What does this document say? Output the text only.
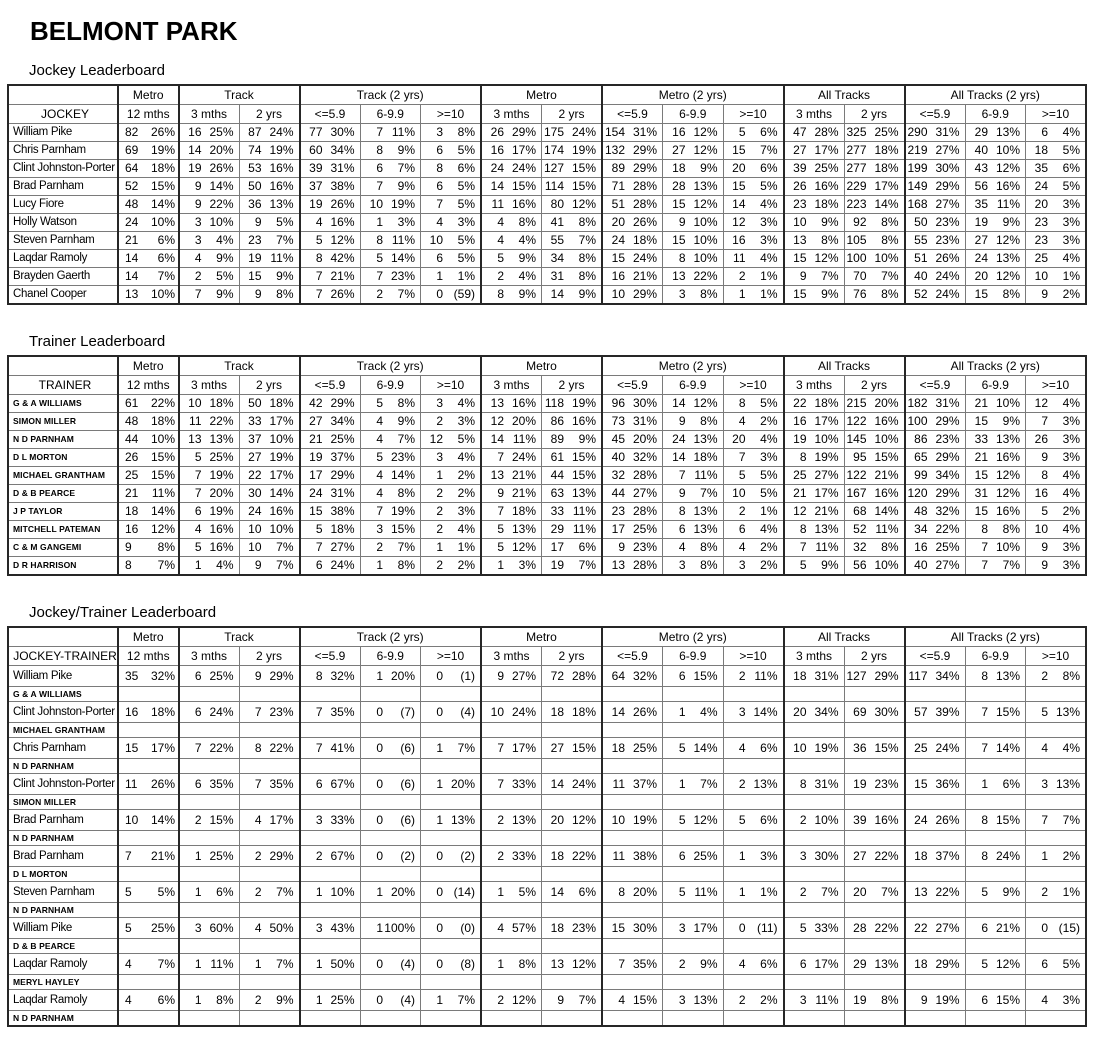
BELMONT PARK
Jockey Leaderboard
	Metro	Track		Track (2 yrs)			Metro		Metro (2 yrs)			All Tracks		All Tracks (2 yrs)		
JOCKEY	12 mths	3 mths	2 yrs	<=5.9	6-9.9	>=10	3 mths	2 yrs	<=5.9	6-9.9	>=10	3 mths	2 yrs	<=5.9	6-9.9	>=10
William Pike	82 26%	16 25%	87 24%	77 30%	7 11%	3 8%	26 29%	175 24%	154 31%	16 12%	5 6%	47 28%	325 25%	290 31%	29 13%	6 4%

Chris Parnham	69 19%	14 20%	74 19%	60 34%	8 9%	6 5%	16 17%	174 19%	132 29%	27 12%	15 7%	27 17%	277 18%	219 27%	40 10%	18 5%

Clint Johnston-Porter	64 18%	19 26%	53 16%	39 31%	6 7%	8 6%	24 24%	127 15%	89 29%	18 9%	20 6%	39 25%	277 18%	199 30%	43 12%	35 6%

Brad Parnham	52 15%	9 14%	50 16%	37 38%	7 9%	6 5%	14 15%	114 15%	71 28%	28 13%	15 5%	26 16%	229 17%	149 29%	56 16%	24 5%

Lucy Fiore	48 14%	9 22%	36 13%	19 26%	10 19%	7 5%	11 16%	80 12%	51 28%	15 12%	14 4%	23 18%	223 14%	168 27%	35 11%	20 3%

Holly Watson	24 10%	3 10%	9 5%	4 16%	1 3%	4 3%	4 8%	41 8%	20 26%	9 10%	12 3%	10 9%	92 8%	50 23%	19 9%	23 3%

Steven Parnham	21 6%	3 4%	23 7%	5 12%	8 11%	10 5%	4 4%	55 7%	24 18%	15 10%	16 3%	13 8%	105 8%	55 23%	27 12%	23 3%

Laqdar Ramoly	14 6%	4 9%	19 11%	8 42%	5 14%	6 5%	5 9%	34 8%	15 24%	8 10%	11 4%	15 12%	100 10%	51 26%	24 13%	25 4%

Brayden Gaerth	14 7%	2 5%	15 9%	7 21%	7 23%	1 1%	2 4%	31 8%	16 21%	13 22%	2 1%	9 7%	70 7%	40 24%	20 12%	10 1%

Chanel Cooper	13 10%	7 9%	9 8%	7 26%	2 7%	0 (59)	8 9%	14 9%	10 29%	3 8%	1 1%	15 9%	76 8%	52 24%	15 8%	9 2%
Trainer Leaderboard
	Metro	Track		Track (2 yrs)			Metro		Metro (2 yrs)			All Tracks		All Tracks (2 yrs)		
TRAINER	12 mths	3 mths	2 yrs	<=5.9	6-9.9	>=10	3 mths	2 yrs	<=5.9	6-9.9	>=10	3 mths	2 yrs	<=5.9	6-9.9	>=10
G & A WILLIAMS	61 22%	10 18%	50 18%	42 29%	5 8%	3 4%	13 16%	118 19%	96 30%	14 12%	8 5%	22 18%	215 20%	182 31%	21 10%	12 4%

SIMON MILLER	48 18%	11 22%	33 17%	27 34%	4 9%	2 3%	12 20%	86 16%	73 31%	9 8%	4 2%	16 17%	122 16%	100 29%	15 9%	7 3%

N D PARNHAM	44 10%	13 13%	37 10%	21 25%	4 7%	12 5%	14 11%	89 9%	45 20%	24 13%	20 4%	19 10%	145 10%	86 23%	33 13%	26 3%

D L MORTON	26 15%	5 25%	27 19%	19 37%	5 23%	3 4%	7 24%	61 15%	40 32%	14 18%	7 3%	8 19%	95 15%	65 29%	21 16%	9 3%

MICHAEL GRANTHAM	25 15%	7 19%	22 17%	17 29%	4 14%	1 2%	13 21%	44 15%	32 28%	7 11%	5 5%	25 27%	122 21%	99 34%	15 12%	8 4%

D & B PEARCE	21 11%	7 20%	30 14%	24 31%	4 8%	2 2%	9 21%	63 13%	44 27%	9 7%	10 5%	21 17%	167 16%	120 29%	31 12%	16 4%

J P TAYLOR	18 14%	6 19%	24 16%	15 38%	7 19%	2 3%	7 18%	33 11%	23 28%	8 13%	2 1%	12 21%	68 14%	48 32%	15 16%	5 2%

MITCHELL PATEMAN	16 12%	4 16%	10 10%	5 18%	3 15%	2 4%	5 13%	29 11%	17 25%	6 13%	6 4%	8 13%	52 11%	34 22%	8 8%	10 4%

C & M GANGEMI	9 8%	5 16%	10 7%	7 27%	2 7%	1 1%	5 12%	17 6%	9 23%	4 8%	4 2%	7 11%	32 8%	16 25%	7 10%	9 3%

D R HARRISON	8 7%	1 4%	9 7%	6 24%	1 8%	2 2%	1 3%	19 7%	13 28%	3 8%	3 2%	5 9%	56 10%	40 27%	7 7%	9 3%
Jockey/Trainer Leaderboard
	Metro	Track		Track (2 yrs)			Metro		Metro (2 yrs)			All Tracks		All Tracks (2 yrs)		
JOCKEY-TRAINER	12 mths	3 mths	2 yrs	<=5.9	6-9.9	>=10	3 mths	2 yrs	<=5.9	6-9.9	>=10	3 mths	2 yrs	<=5.9	6-9.9	>=10
William Pike	35 32%	6 25%	9 29%	8 32%	1 20%	0 (1)	9 27%	72 28%	64 32%	6 15%	2 11%	18 31%	127 29%	117 34%	8 13%	2 8%

G & A WILLIAMS																
Clint Johnston-Porter	16 18%	6 24%	7 23%	7 35%	0 (7)	0 (4)	10 24%	18 18%	14 26%	1 4%	3 14%	20 34%	69 30%	57 39%	7 15%	5 13%

MICHAEL GRANTHAM																
Chris Parnham	15 17%	7 22%	8 22%	7 41%	0 (6)	1 7%	7 17%	27 15%	18 25%	5 14%	4 6%	10 19%	36 15%	25 24%	7 14%	4 4%

N D PARNHAM																
Clint Johnston-Porter	11 26%	6 35%	7 35%	6 67%	0 (6)	1 20%	7 33%	14 24%	11 37%	1 7%	2 13%	8 31%	19 23%	15 36%	1 6%	3 13%

SIMON MILLER																
Brad Parnham	10 14%	2 15%	4 17%	3 33%	0 (6)	1 13%	2 13%	20 12%	10 19%	5 12%	5 6%	2 10%	39 16%	24 26%	8 15%	7 7%

N D PARNHAM																
Brad Parnham	7 21%	1 25%	2 29%	2 67%	0 (2)	0 (2)	2 33%	18 22%	11 38%	6 25%	1 3%	3 30%	27 22%	18 37%	8 24%	1 2%

D L MORTON																
Steven Parnham	5 5%	1 6%	2 7%	1 10%	1 20%	0 (14)	1 5%	14 6%	8 20%	5 11%	1 1%	2 7%	20 7%	13 22%	5 9%	2 1%

N D PARNHAM																
William Pike	5 25%	3 60%	4 50%	3 43%	1 100%	0 (0)	4 57%	18 23%	15 30%	3 17%	0 (11)	5 33%	28 22%	22 27%	6 21%	0 (15)

D & B PEARCE																
Laqdar Ramoly	4 7%	1 11%	1 7%	1 50%	0 (4)	0 (8)	1 8%	13 12%	7 35%	2 9%	4 6%	6 17%	29 13%	18 29%	5 12%	6 5%

MERYL HAYLEY																
Laqdar Ramoly	4 6%	1 8%	2 9%	1 25%	0 (4)	1 7%	2 12%	9 7%	4 15%	3 13%	2 2%	3 11%	19 8%	9 19%	6 15%	4 3%

N D PARNHAM																
